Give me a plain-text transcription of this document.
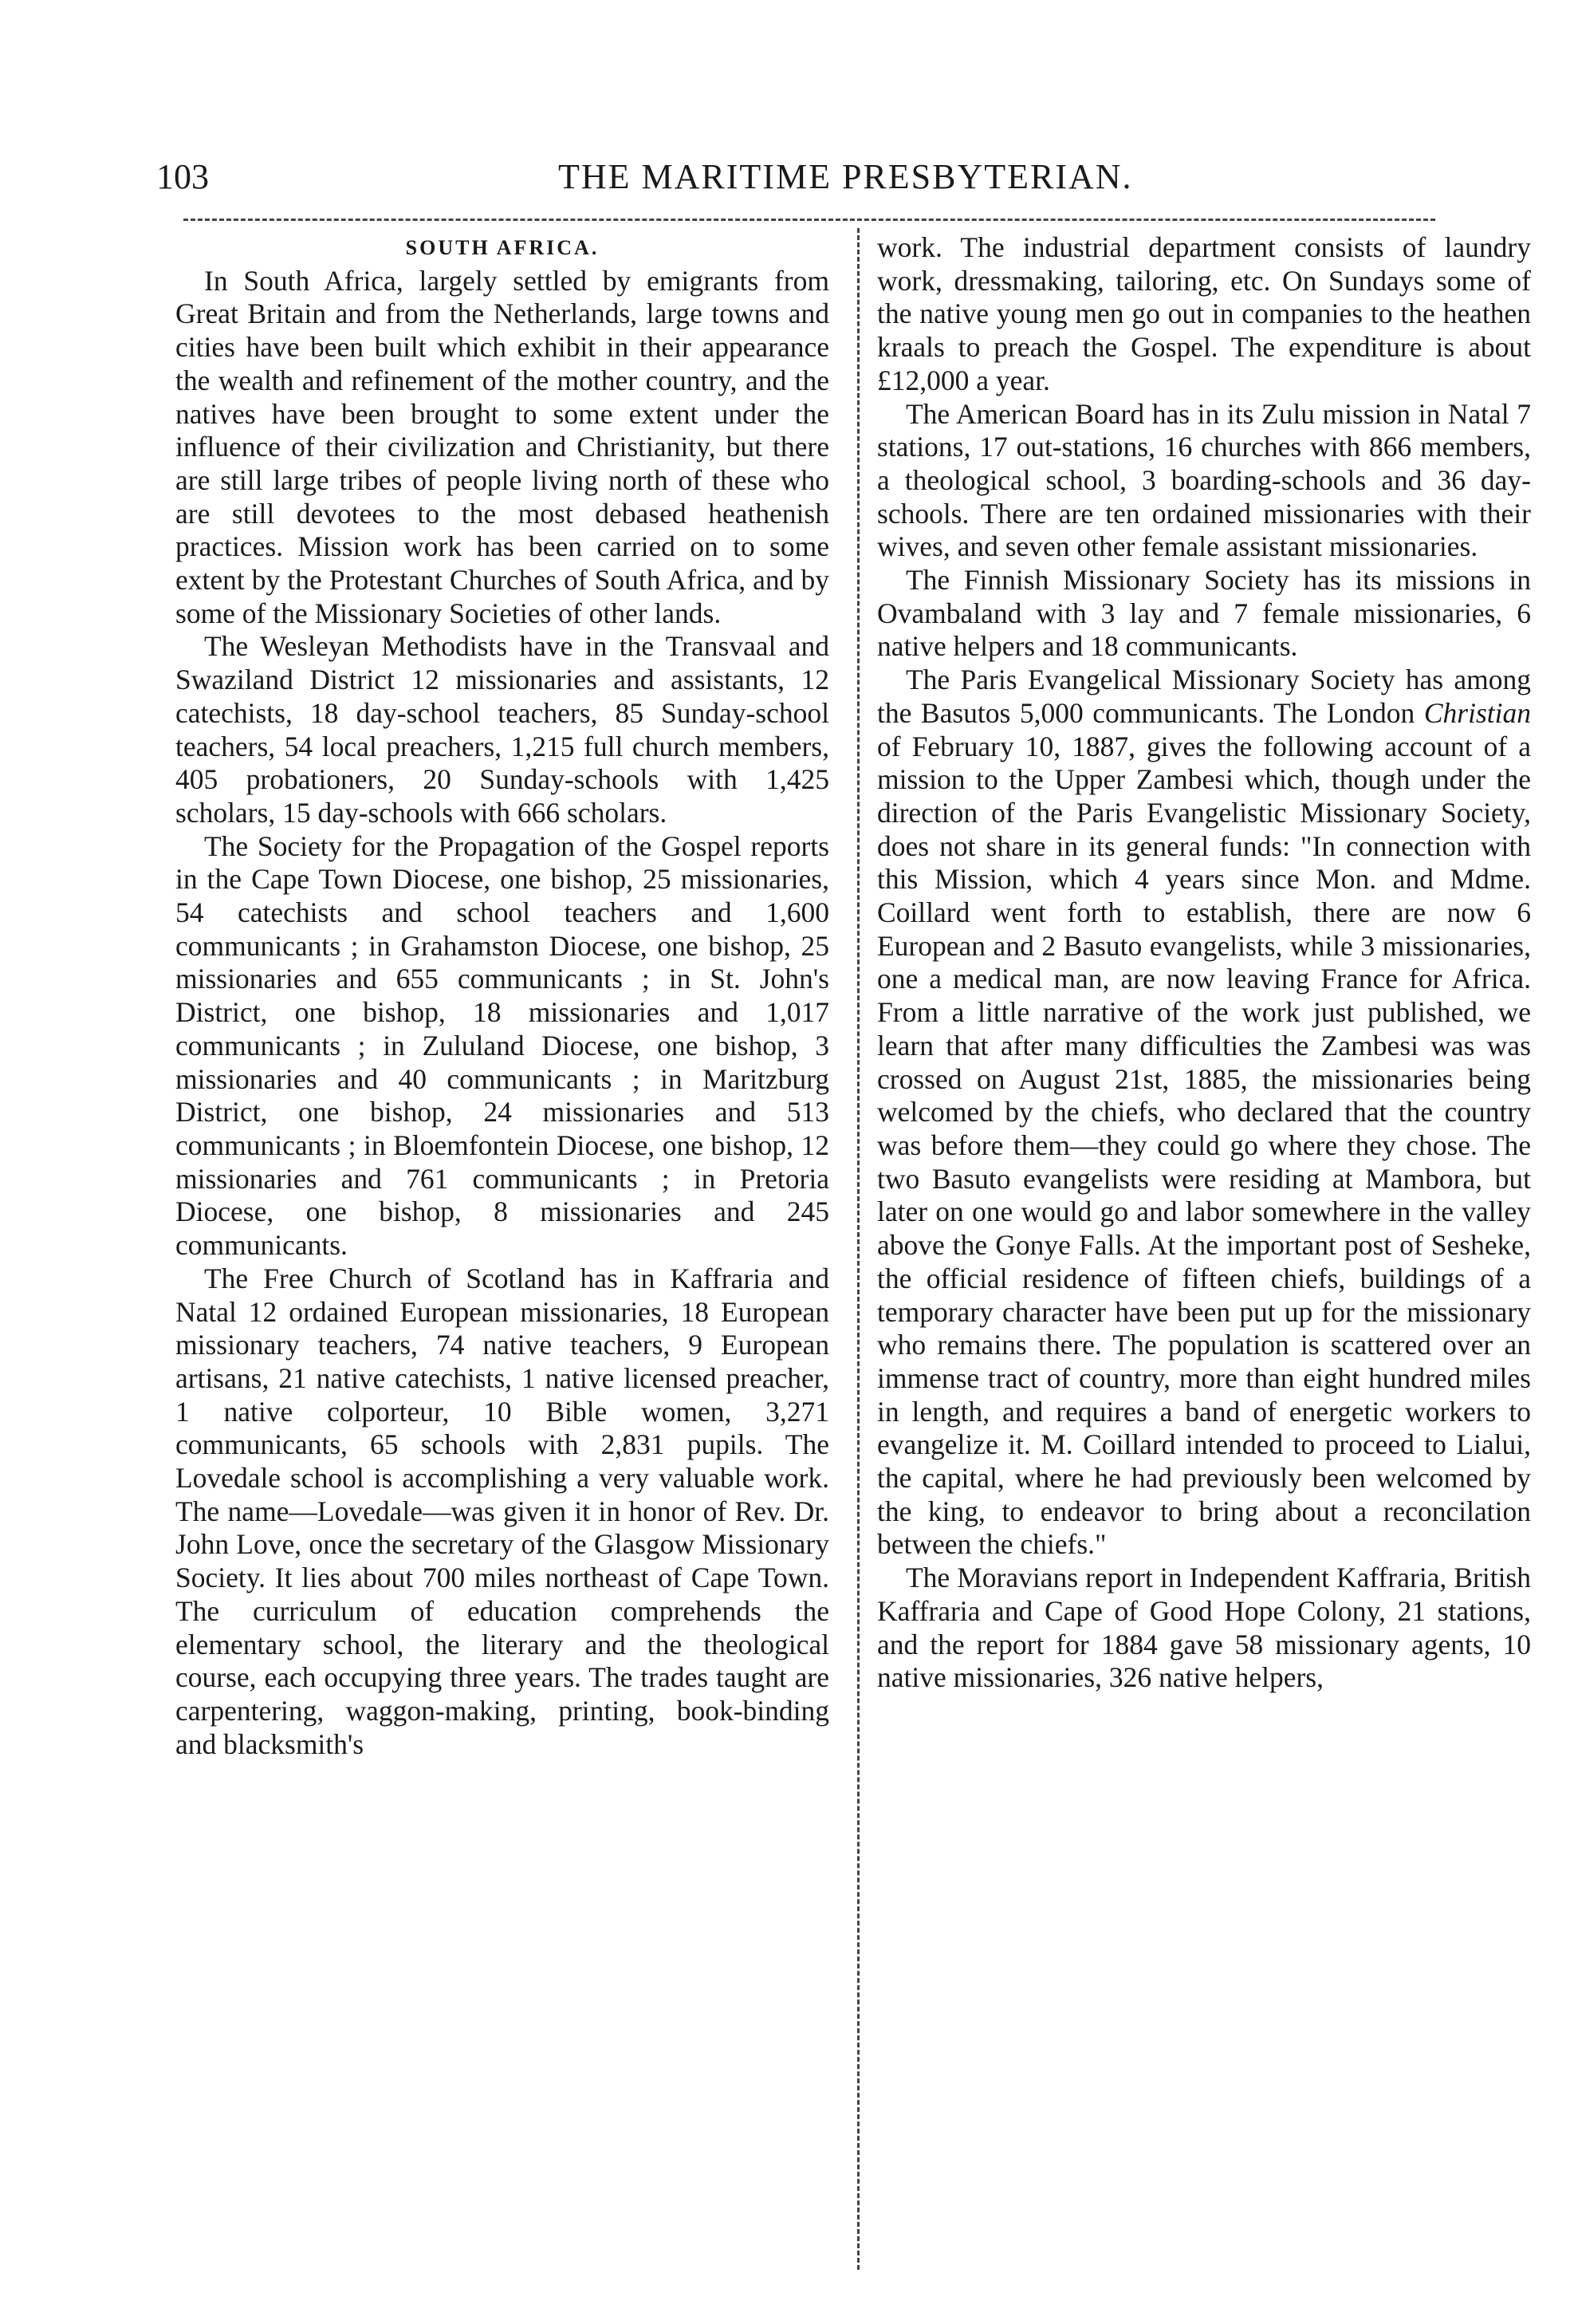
103	THE MARITIME PRESBYTERIAN.
SOUTH AFRICA.

In South Africa, largely settled by emigrants from Great Britain and from the Netherlands, large towns and cities have been built which exhibit in their appearance the wealth and refinement of the mother country, and the natives have been brought to some extent under the influence of their civilization and Christianity, but there are still large tribes of people living north of these who are still devotees to the most debased heathenish practices. Mission work has been carried on to some extent by the Protestant Churches of South Africa, and by some of the Missionary Societies of other lands.

The Wesleyan Methodists have in the Transvaal and Swaziland District 12 missionaries and assistants, 12 catechists, 18 day-school teachers, 85 Sunday-school teachers, 54 local preachers, 1,215 full church members, 405 probationers, 20 Sunday-schools with 1,425 scholars, 15 day-schools with 666 scholars.

The Society for the Propagation of the Gospel reports in the Cape Town Diocese, one bishop, 25 missionaries, 54 catechists and school teachers and 1,600 communicants ; in Grahamston Diocese, one bishop, 25 missionaries and 655 communicants ; in St. John's District, one bishop, 18 missionaries and 1,017 communicants ; in Zululand Diocese, one bishop, 3 missionaries and 40 communicants ; in Maritzburg District, one bishop, 24 missionaries and 513 communicants ; in Bloemfontein Diocese, one bishop, 12 missionaries and 761 communicants ; in Pretoria Diocese, one bishop, 8 missionaries and 245 communicants.

The Free Church of Scotland has in Kaffraria and Natal 12 ordained European missionaries, 18 European missionary teachers, 74 native teachers, 9 European artisans, 21 native catechists, 1 native licensed preacher, 1 native colporteur, 10 Bible women, 3,271 communicants, 65 schools with 2,831 pupils. The Lovedale school is accomplishing a very valuable work. The name—Lovedale—was given it in honor of Rev. Dr. John Love, once the secretary of the Glasgow Missionary Society. It lies about 700 miles northeast of Cape Town. The curriculum of education comprehends the elementary school, the literary and the theological course, each occupying three years. The trades taught are carpentering, waggon-making, printing, book-binding and blacksmith's

work. The industrial department consists of laundry work, dressmaking, tailoring, etc. On Sundays some of the native young men go out in companies to the heathen kraals to preach the Gospel. The expenditure is about £12,000 a year.

The American Board has in its Zulu mission in Natal 7 stations, 17 out-stations, 16 churches with 866 members, a theological school, 3 boarding-schools and 36 day-schools. There are ten ordained missionaries with their wives, and seven other female assistant missionaries.

The Finnish Missionary Society has its missions in Ovambaland with 3 lay and 7 female missionaries, 6 native helpers and 18 communicants.

The Paris Evangelical Missionary Society has among the Basutos 5,000 communicants. The London Christian of February 10, 1887, gives the following account of a mission to the Upper Zambesi which, though under the direction of the Paris Evangelistic Missionary Society, does not share in its general funds: "In connection with this Mission, which 4 years since Mon. and Mdme. Coillard went forth to establish, there are now 6 European and 2 Basuto evangelists, while 3 missionaries, one a medical man, are now leaving France for Africa. From a little narrative of the work just published, we learn that after many difficulties the Zambesi was was crossed on August 21st, 1885, the missionaries being welcomed by the chiefs, who declared that the country was before them—they could go where they chose. The two Basuto evangelists were residing at Mambora, but later on one would go and labor somewhere in the valley above the Gonye Falls. At the important post of Sesheke, the official residence of fifteen chiefs, buildings of a temporary character have been put up for the missionary who remains there. The population is scattered over an immense tract of country, more than eight hundred miles in length, and requires a band of energetic workers to evangelize it. M. Coillard intended to proceed to Lialui, the capital, where he had previously been welcomed by the king, to endeavor to bring about a reconcilation between the chiefs."

The Moravians report in Independent Kaffraria, British Kaffraria and Cape of Good Hope Colony, 21 stations, and the report for 1884 gave 58 missionary agents, 10 native missionaries, 326 native helpers,
